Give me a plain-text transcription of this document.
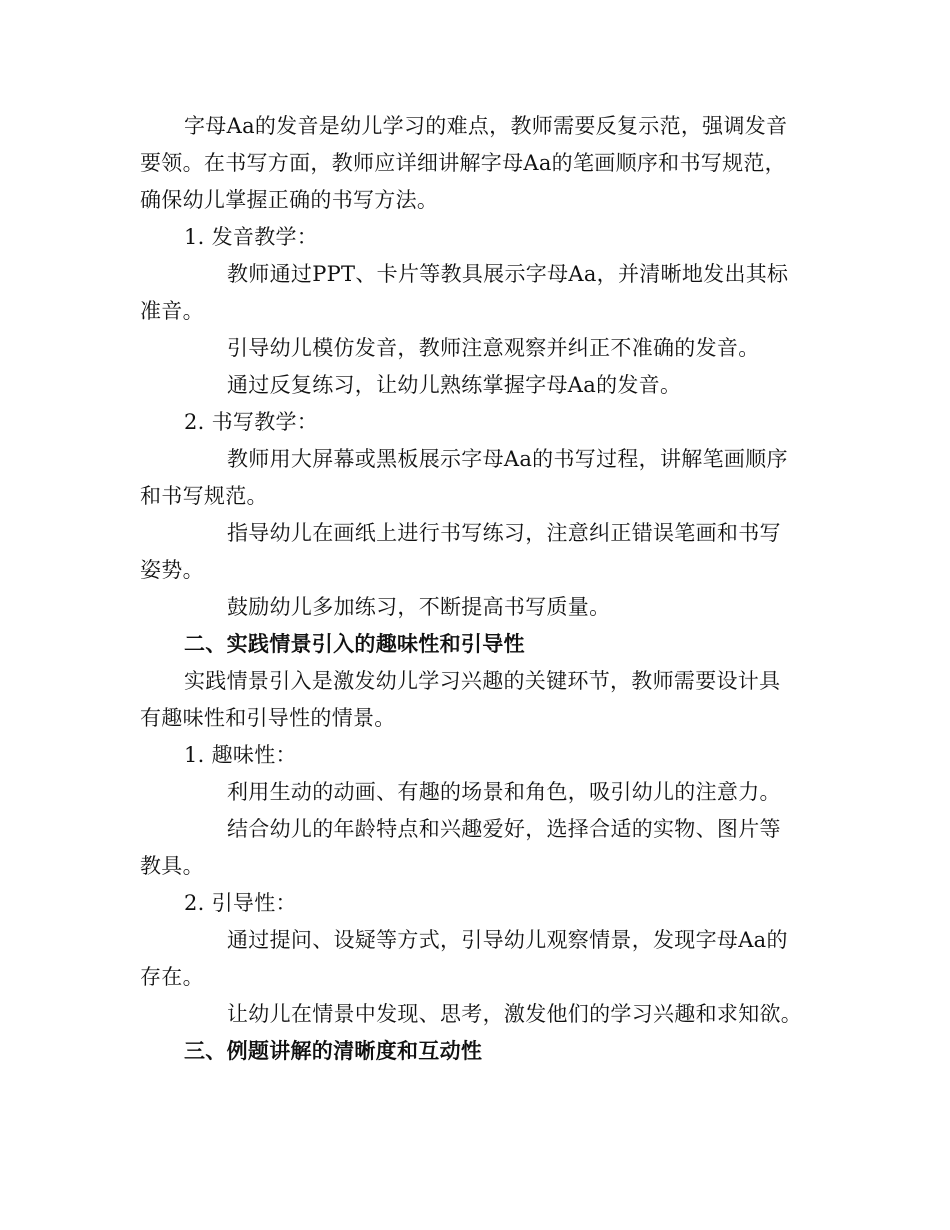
字母Aa的发音是幼儿学习的难点，教师需要反复示范，强调发音
要领。在书写方面，教师应详细讲解字母Aa的笔画顺序和书写规范，
确保幼儿掌握正确的书写方法。
1. 发音教学：
教师通过PPT、卡片等教具展示字母Aa，并清晰地发出其标
准音。
引导幼儿模仿发音，教师注意观察并纠正不准确的发音。
通过反复练习，让幼儿熟练掌握字母Aa的发音。
2. 书写教学：
教师用大屏幕或黑板展示字母Aa的书写过程，讲解笔画顺序
和书写规范。
指导幼儿在画纸上进行书写练习，注意纠正错误笔画和书写
姿势。
鼓励幼儿多加练习，不断提高书写质量。
二、实践情景引入的趣味性和引导性
实践情景引入是激发幼儿学习兴趣的关键环节，教师需要设计具
有趣味性和引导性的情景。
1. 趣味性：
利用生动的动画、有趣的场景和角色，吸引幼儿的注意力。
结合幼儿的年龄特点和兴趣爱好，选择合适的实物、图片等
教具。
2. 引导性：
通过提问、设疑等方式，引导幼儿观察情景，发现字母Aa的
存在。
让幼儿在情景中发现、思考，激发他们的学习兴趣和求知欲。
三、例题讲解的清晰度和互动性
